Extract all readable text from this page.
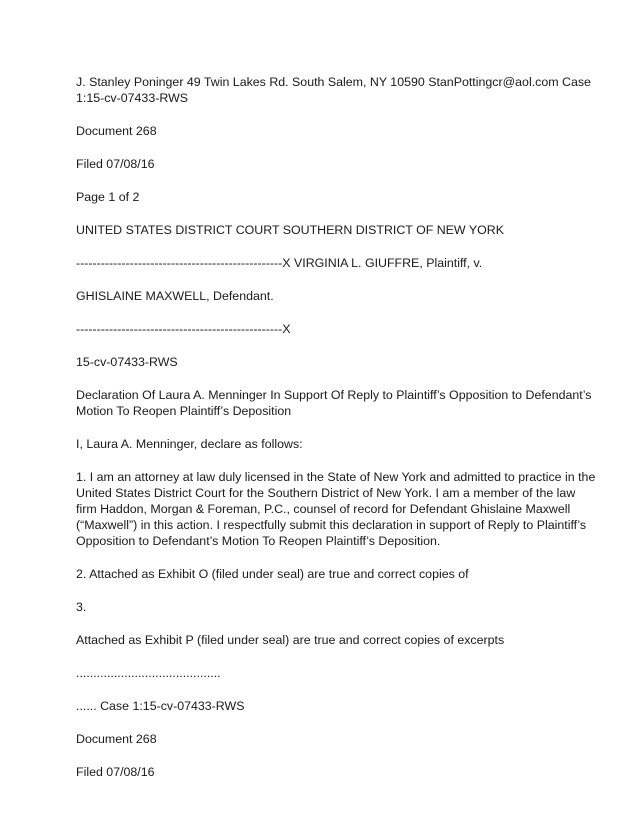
J. Stanley Poninger 49 Twin Lakes Rd. South Salem, NY 10590 StanPottingcr@aol.com Case
1:15-cv-07433-RWS
Document 268
Filed 07/08/16
Page 1 of 2
UNITED STATES DISTRICT COURT SOUTHERN DISTRICT OF NEW YORK
--------------------------------------------------X VIRGINIA L. GIUFFRE, Plaintiff, v.
GHISLAINE MAXWELL, Defendant.
--------------------------------------------------X
15-cv-07433-RWS
Declaration Of Laura A. Menninger In Support Of Reply to Plaintiff’s Opposition to Defendant’s
Motion To Reopen Plaintiff’s Deposition
I, Laura A. Menninger, declare as follows:
1. I am an attorney at law duly licensed in the State of New York and admitted to practice in the
United States District Court for the Southern District of New York. I am a member of the law
firm Haddon, Morgan & Foreman, P.C., counsel of record for Defendant Ghislaine Maxwell
(“Maxwell”) in this action. I respectfully submit this declaration in support of Reply to Plaintiff’s
Opposition to Defendant’s Motion To Reopen Plaintiff’s Deposition.
2. Attached as Exhibit O (filed under seal) are true and correct copies of
3.
Attached as Exhibit P (filed under seal) are true and correct copies of excerpts
..........................................
...... Case 1:15-cv-07433-RWS
Document 268
Filed 07/08/16
